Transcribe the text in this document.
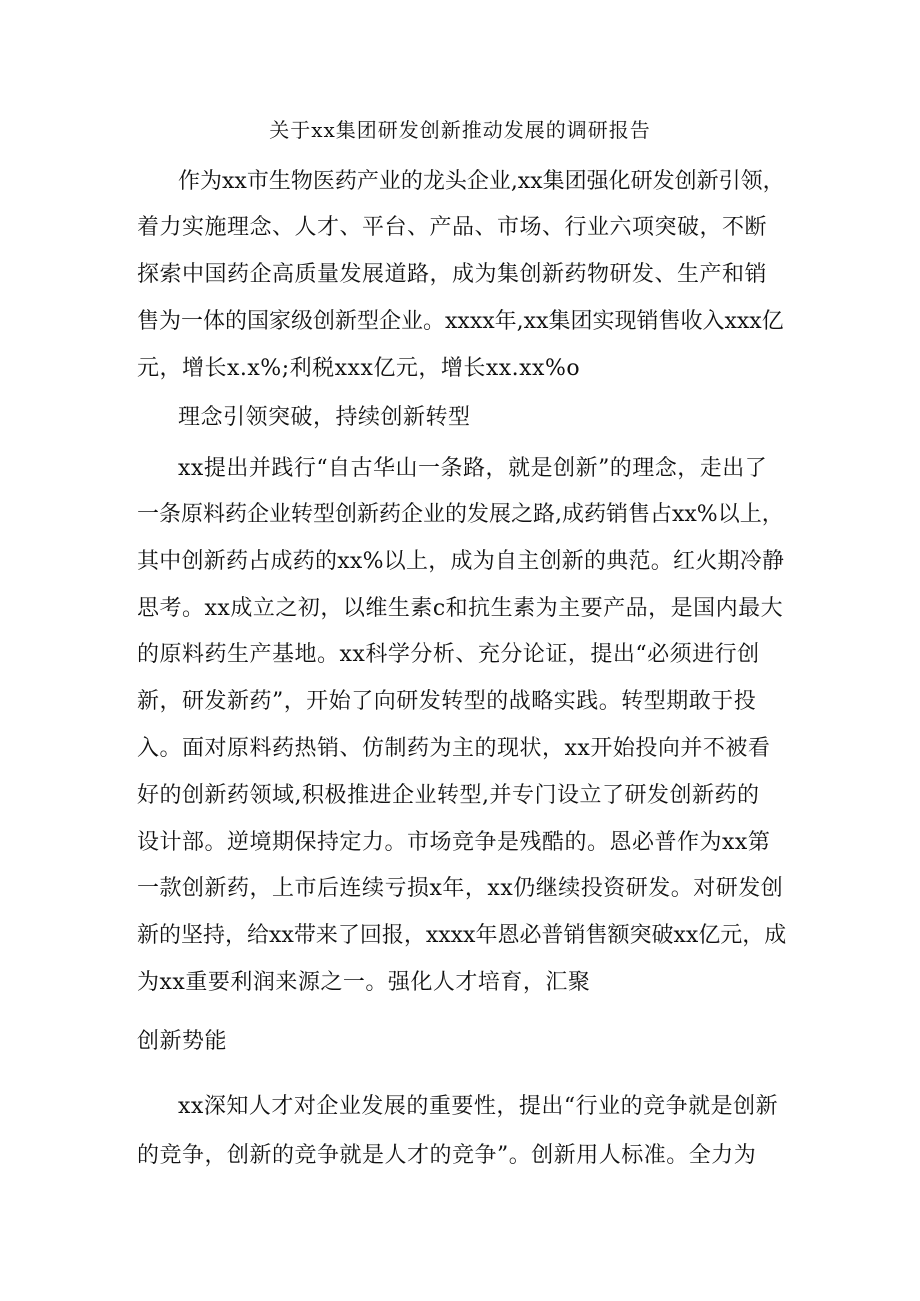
关于xx集团研发创新推动发展的调研报告
作为xx市生物医药产业的龙头企业,xx集团强化研发创新引领，
着力实施理念、人才、平台、产品、市场、行业六项突破，不断
探索中国药企高质量发展道路，成为集创新药物研发、生产和销
售为一体的国家级创新型企业。xxxx年,xx集团实现销售收入xxx亿
元，增长x.x%;利税xxx亿元，增长xx.xx%o
理念引领突破，持续创新转型
xx提出并践行“自古华山一条路，就是创新”的理念，走出了
一条原料药企业转型创新药企业的发展之路,成药销售占xx%以上，
其中创新药占成药的xx%以上，成为自主创新的典范。红火期冷静
思考。xx成立之初，以维生素c和抗生素为主要产品，是国内最大
的原料药生产基地。xx科学分析、充分论证，提出“必须进行创
新，研发新药”，开始了向研发转型的战略实践。转型期敢于投
入。面对原料药热销、仿制药为主的现状，xx开始投向并不被看
好的创新药领域,积极推进企业转型,并专门设立了研发创新药的
设计部。逆境期保持定力。市场竞争是残酷的。恩必普作为xx第
一款创新药，上市后连续亏损x年，xx仍继续投资研发。对研发创
新的坚持，给xx带来了回报，xxxx年恩必普销售额突破xx亿元，成
为xx重要利润来源之一。强化人才培育，汇聚
创新势能
xx深知人才对企业发展的重要性，提出“行业的竞争就是创新
的竞争，创新的竞争就是人才的竞争”。创新用人标准。全力为
